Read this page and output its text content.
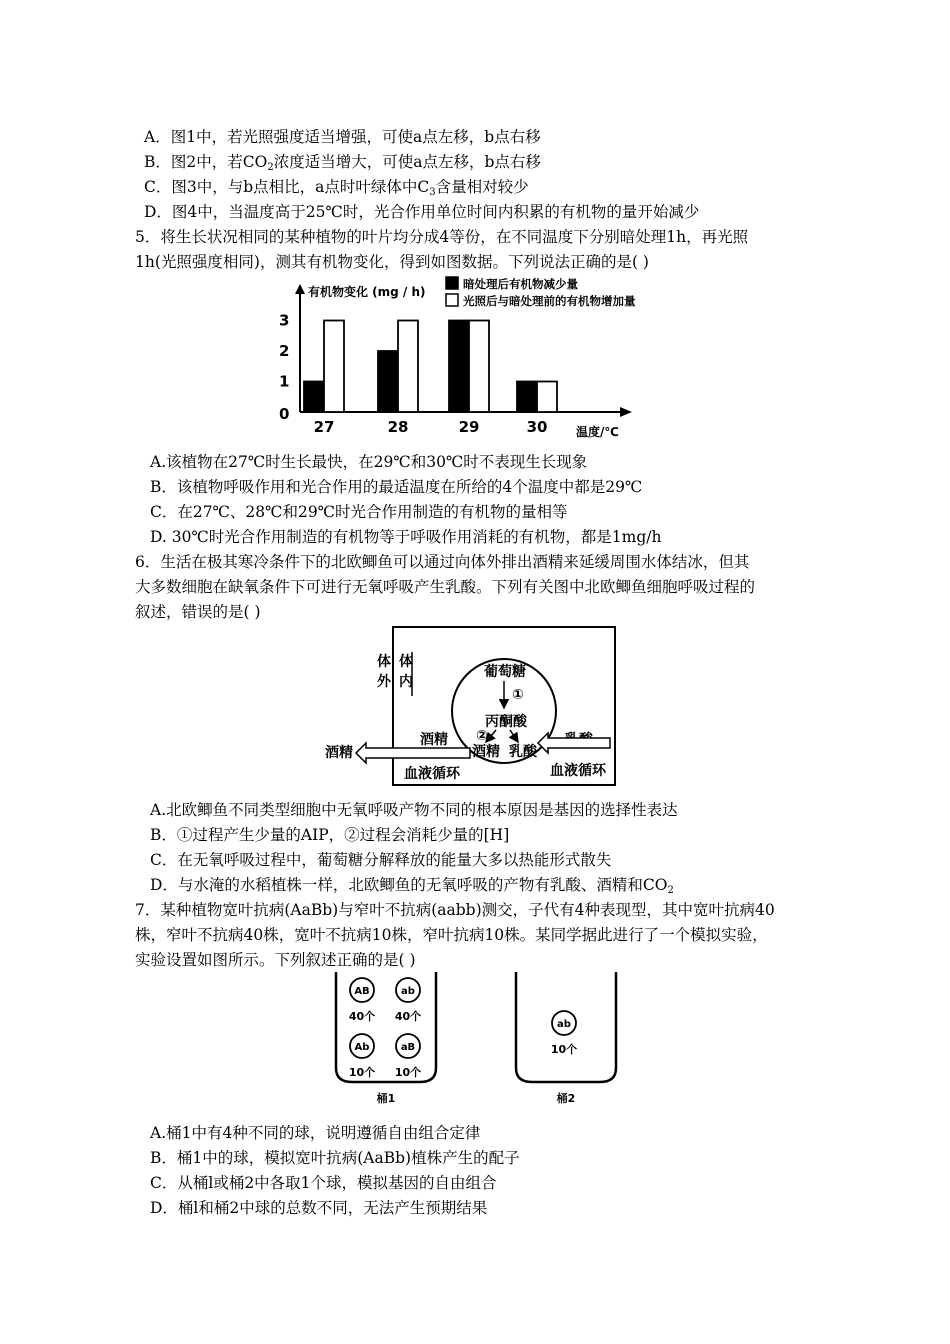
A．图1中，若光照强度适当增强，可使a点左移，b点右移
B．图2中，若$CO_2$浓度适当增大，可使a点左移，b点右移
C．图3中，与b点相比，a点时叶绿体中$C_3$含量相对较少
D．图4中，当温度高于25℃时，光合作用单位时间内积累的有机物的量开始减少
5．将生长状况相同的某种植物的叶片均分成4等份，在不同温度下分别暗处理1h，再光照
1h(光照强度相同)，测其有机物变化，得到如图数据。下列说法正确的是( )
0
1
2
3
有机物变化 (mg / h)
温度/℃
暗处理后有机物减少量
光照后与暗处理前的有机物增加量
27	28	29	30
A.该植物在27℃时生长最快，在29℃和30℃时不表现生长现象
B．该植物呼吸作用和光合作用的最适温度在所给的4个温度中都是29℃
C．在27℃、28℃和29℃时光合作用制造的有机物的量相等
D. 30℃时光合作用制造的有机物等于呼吸作用消耗的有机物，都是1mg/h
6．生活在极其寒冷条件下的北欧鲫鱼可以通过向体外排出酒精来延缓周围水体结冰，但其
大多数细胞在缺氧条件下可进行无氧呼吸产生乳酸。下列有关图中北欧鲫鱼细胞呼吸过程的
叙述，错误的是( )
体
外
体
内
葡萄糖
①
丙酮酸
②
酒精 乳酸
酒精
血液循环
酒精
血液循环
A.北欧鲫鱼不同类型细胞中无氧呼吸产物不同的根本原因是基因的选择性表达
B．①过程产生少量的AIP，②过程会消耗少量的[H]
C．在无氧呼吸过程中，葡萄糖分解释放的能量大多以热能形式散失
D．与水淹的水稻植株一样，北欧鲫鱼的无氧呼吸的产物有乳酸、酒精和$CO_2$
7．某种植物宽叶抗病(AaBb)与窄叶不抗病(aabb)测交，子代有4种表现型，其中宽叶抗病40
株，窄叶不抗病40株，宽叶不抗病10株，窄叶抗病10株。某同学据此进行了一个模拟实验，
实验设置如图所示。下列叙述正确的是( )
AB
40个
ab
40个
Ab
10个
aB
10个
桶1
ab
10个
桶2
A.桶1中有4种不同的球，说明遵循自由组合定律
B．桶1中的球，模拟宽叶抗病(AaBb)植株产生的配子
C．从桶l或桶2中各取1个球，模拟基因的自由组合
D．桶l和桶2中球的总数不同，无法产生预期结果
